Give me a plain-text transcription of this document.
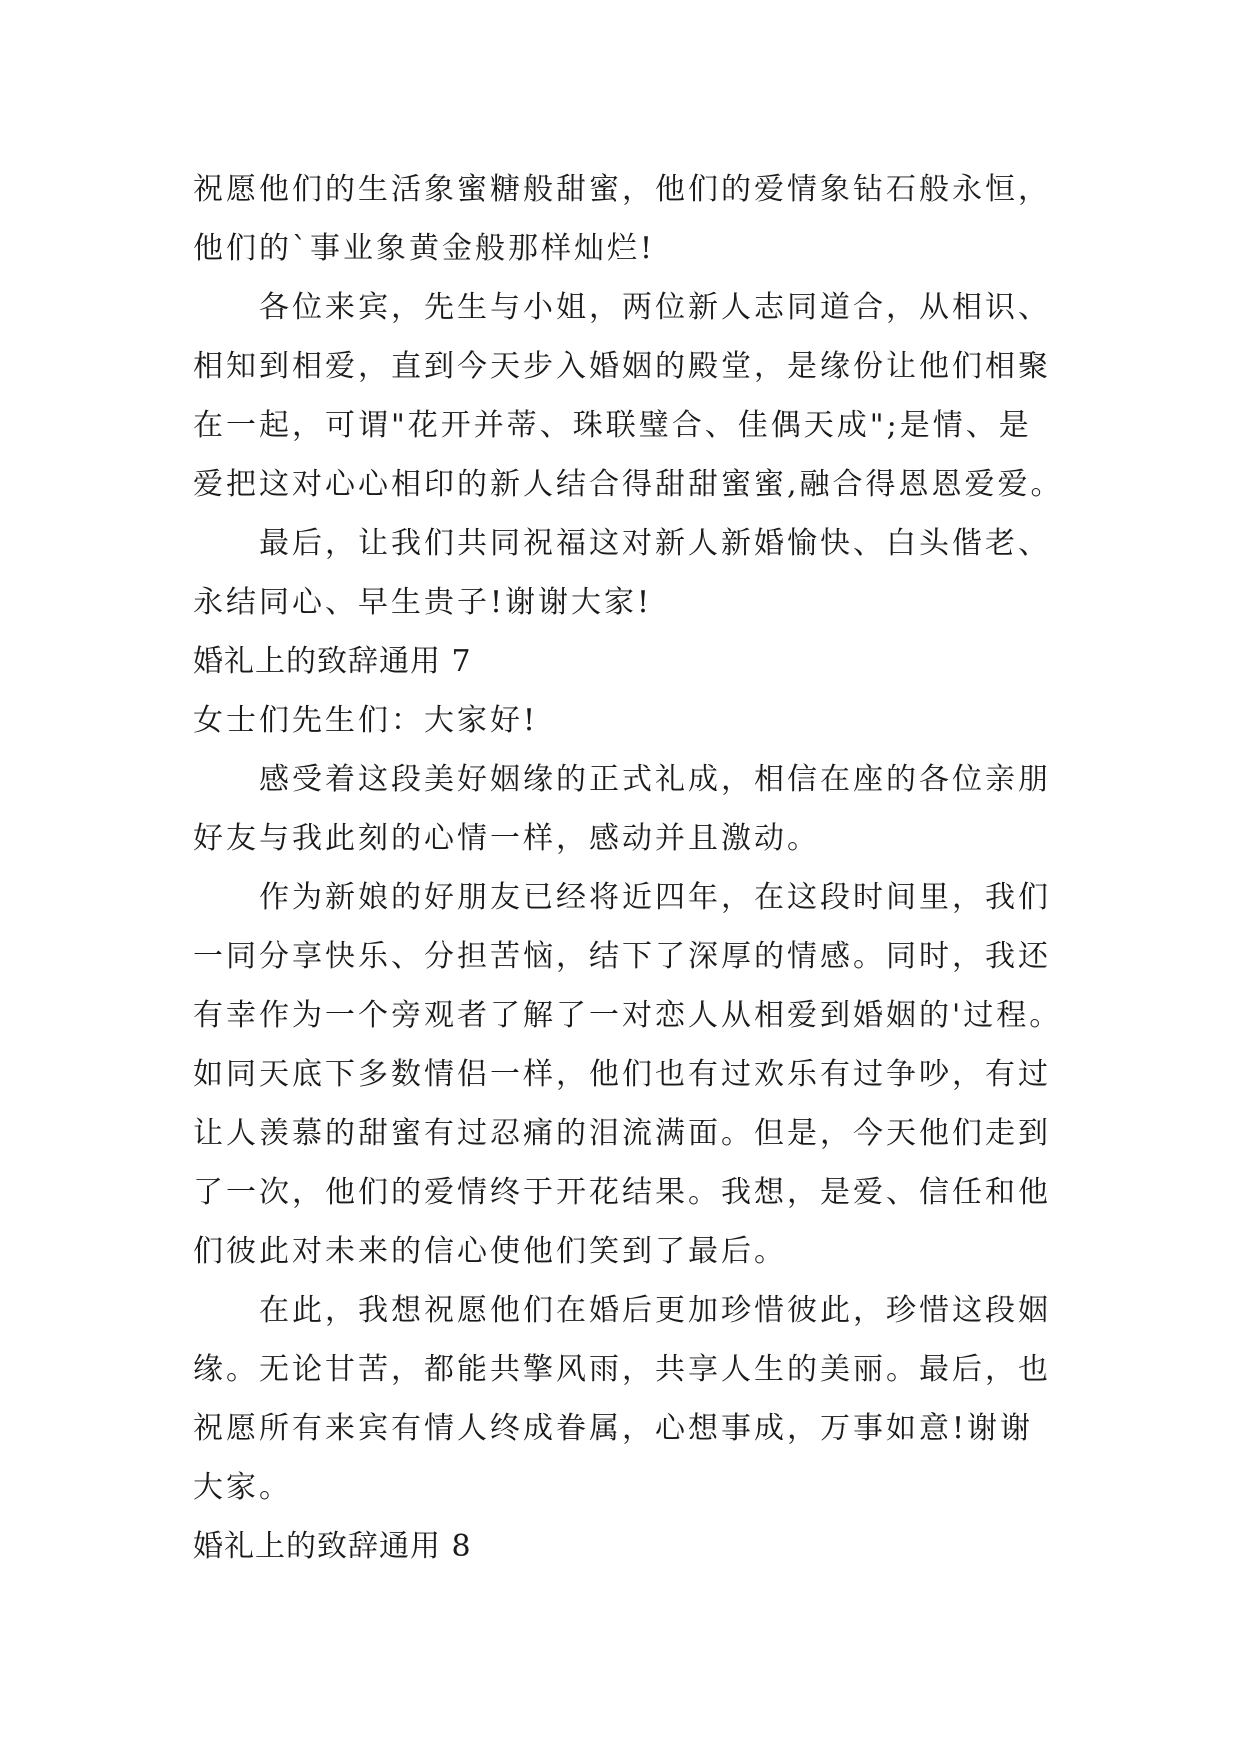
祝愿他们的生活象蜜糖般甜蜜，他们的爱情象钻石般永恒，
他们的`事业象黄金般那样灿烂!
各位来宾，先生与小姐，两位新人志同道合，从相识、
相知到相爱，直到今天步入婚姻的殿堂，是缘份让他们相聚
在一起，可谓"花开并蒂、珠联璧合、佳偶天成";是情、是
爱把这对心心相印的新人结合得甜甜蜜蜜,融合得恩恩爱爱。
最后，让我们共同祝福这对新人新婚愉快、白头偕老、
永结同心、早生贵子!谢谢大家!
婚礼上的致辞通用 7
女士们先生们：大家好!
感受着这段美好姻缘的正式礼成，相信在座的各位亲朋
好友与我此刻的心情一样，感动并且激动。
作为新娘的好朋友已经将近四年，在这段时间里，我们
一同分享快乐、分担苦恼，结下了深厚的情感。同时，我还
有幸作为一个旁观者了解了一对恋人从相爱到婚姻的'过程。
如同天底下多数情侣一样，他们也有过欢乐有过争吵，有过
让人羡慕的甜蜜有过忍痛的泪流满面。但是，今天他们走到
了一次，他们的爱情终于开花结果。我想，是爱、信任和他
们彼此对未来的信心使他们笑到了最后。
在此，我想祝愿他们在婚后更加珍惜彼此，珍惜这段姻
缘。无论甘苦，都能共擎风雨，共享人生的美丽。最后，也
祝愿所有来宾有情人终成眷属，心想事成，万事如意!谢谢
大家。
婚礼上的致辞通用 8
